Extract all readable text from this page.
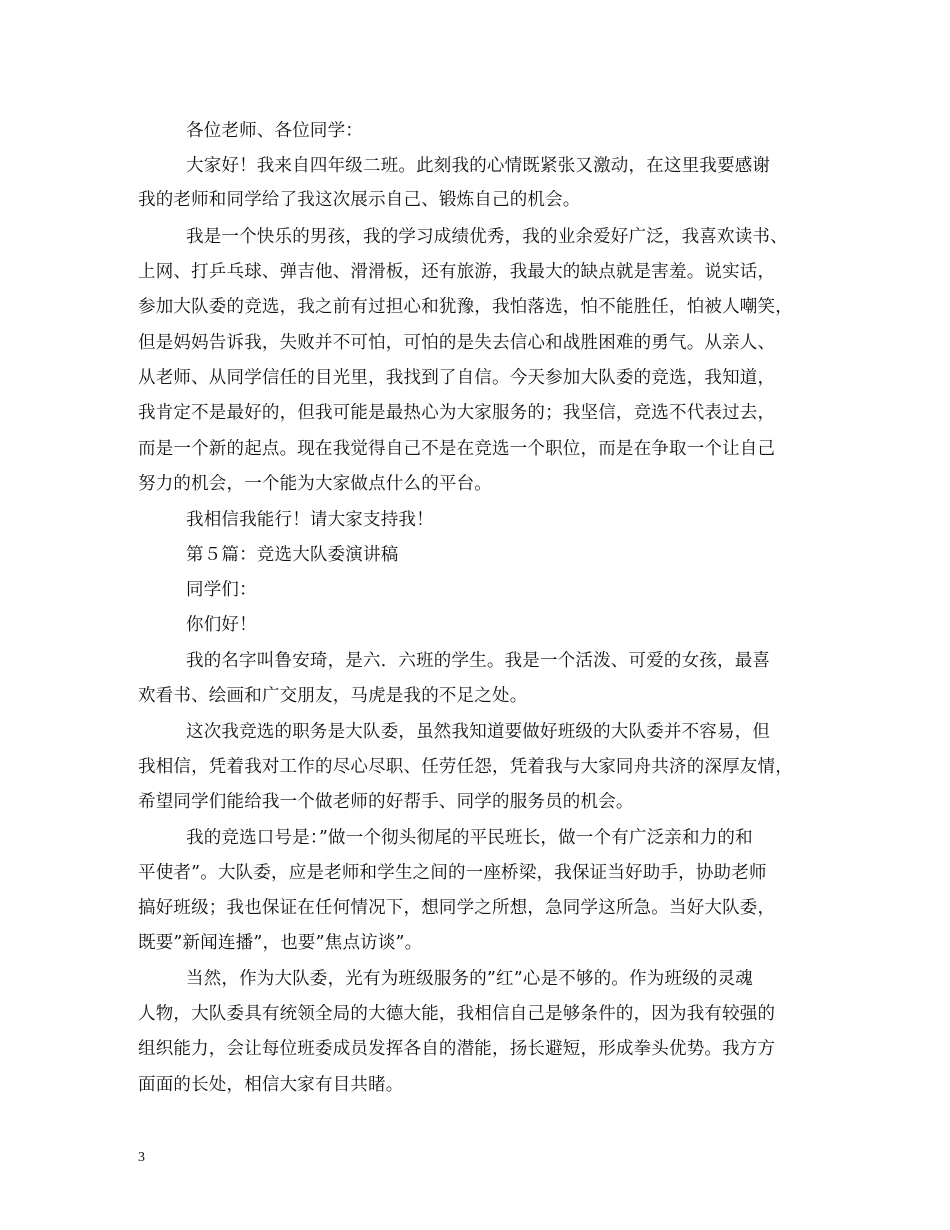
各位老师、各位同学：
大家好！我来自四年级二班。此刻我的心情既紧张又激动，在这里我要感谢
我的老师和同学给了我这次展示自己、锻炼自己的机会。
我是一个快乐的男孩，我的学习成绩优秀，我的业余爱好广泛，我喜欢读书、
上网、打乒乓球、弹吉他、滑滑板，还有旅游，我最大的缺点就是害羞。说实话，
参加大队委的竞选，我之前有过担心和犹豫，我怕落选，怕不能胜任，怕被人嘲笑，
但是妈妈告诉我，失败并不可怕，可怕的是失去信心和战胜困难的勇气。从亲人、
从老师、从同学信任的目光里，我找到了自信。今天参加大队委的竞选，我知道，
我肯定不是最好的，但我可能是最热心为大家服务的；我坚信，竞选不代表过去，
而是一个新的起点。现在我觉得自己不是在竞选一个职位，而是在争取一个让自己
努力的机会，一个能为大家做点什么的平台。
我相信我能行！请大家支持我！
第５篇：竞选大队委演讲稿
同学们：
你们好！
我的名字叫鲁安琦，是六．六班的学生。我是一个活泼、可爱的女孩，最喜
欢看书、绘画和广交朋友，马虎是我的不足之处。
这次我竞选的职务是大队委，虽然我知道要做好班级的大队委并不容易，但
我相信，凭着我对工作的尽心尽职、任劳任怨，凭着我与大家同舟共济的深厚友情，
希望同学们能给我一个做老师的好帮手、同学的服务员的机会。
我的竞选口号是：”做一个彻头彻尾的平民班长，做一个有广泛亲和力的和
平使者”。大队委，应是老师和学生之间的一座桥梁，我保证当好助手，协助老师
搞好班级；我也保证在任何情况下，想同学之所想，急同学这所急。当好大队委，
既要”新闻连播”，也要”焦点访谈”。
当然，作为大队委，光有为班级服务的”红”心是不够的。作为班级的灵魂
人物，大队委具有统领全局的大德大能，我相信自己是够条件的，因为我有较强的
组织能力，会让每位班委成员发挥各自的潜能，扬长避短，形成拳头优势。我方方
面面的长处，相信大家有目共睹。
3
